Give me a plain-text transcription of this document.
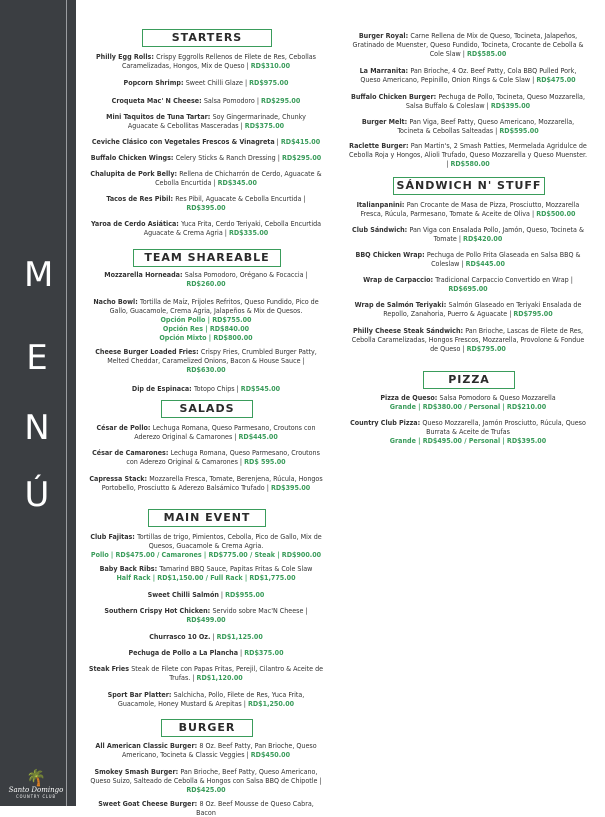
M
E
N
Ú
🌴
Santo Domingo
COUNTRY CLUB
STARTERS
Philly Egg Rolls: Crispy Eggrolls Rellenos de Filete de Res, Cebollas Caramelizadas, Hongos, Mix de Queso | RD$310.00
Popcorn Shrimp: Sweet Chilli Glaze | RD$975.00
Croqueta Mac' N Cheese: Salsa Pomodoro | RD$295.00
Mini Taquitos de Tuna Tartar: Soy Gingermarinade, Chunky Aguacate & Cebollitas Masceradas | RD$375.00
Ceviche Clásico con Vegetales Frescos & Vinagreta | RD$415.00
Buffalo Chicken Wings: Celery Sticks & Ranch Dressing | RD$295.00
Chalupita de Pork Belly: Rellena de Chicharrón de Cerdo, Aguacate & Cebolla Encurtida | RD$345.00
Tacos de Res Pibil: Res Pibil, Aguacate & Cebolla Encurtida | RD$395.00
Yaroa de Cerdo Asiática: Yuca Frita, Cerdo Teriyaki, Cebolla Encurtida Aguacate & Crema Agria | RD$335.00
TEAM SHAREABLE
Mozzarella Horneada: Salsa Pomodoro, Orégano & Focaccia | RD$260.00
Nacho Bowl: Tortilla de Maíz, Frijoles Refritos, Queso Fundido, Pico de Gallo, Guacamole, Crema Agria, Jalapeños & Mix de Quesos.
Opción Pollo | RD$755.00
Opción Res | RD$840.00
Opción Mixto | RD$800.00
Cheese Burger Loaded Fries: Crispy Fries, Crumbled Burger Patty, Melted Cheddar, Caramelized Onions, Bacon & House Sauce | RD$630.00
Dip de Espinaca: Totopo Chips | RD$545.00
SALADS
César de Pollo: Lechuga Romana, Queso Parmesano, Croutons con Aderezo Original & Camarones | RD$445.00
César de Camarones: Lechuga Romana, Queso Parmesano, Croutons con Aderezo Original & Camarones | RD$ 595.00
Capressa Stack: Mozzarella Fresca, Tomate, Berenjena, Rúcula, Hongos Portobello, Prosciutto & Aderezo Balsámico Trufado | RD$395.00
MAIN EVENT
Club Fajitas: Tortillas de trigo, Pimientos, Cebolla, Pico de Gallo, Mix de Quesos, Guacamole & Crema Agria.
Pollo | RD$475.00 / Camarones | RD$775.00 / Steak | RD$900.00
Baby Back Ribs: Tamarind BBQ Sauce, Papitas Fritas & Cole Slaw
Half Rack | RD$1,150.00 / Full Rack | RD$1,775.00
Sweet Chilli Salmón | RD$955.00
Southern Crispy Hot Chicken: Servido sobre Mac'N Cheese | RD$499.00
Churrasco 10 Oz. | RD$1,125.00
Pechuga de Pollo a La Plancha | RD$375.00
Steak Fries Steak de Filete con Papas Fritas, Perejil, Cilantro & Aceite de Trufas. | RD$1,120.00
Sport Bar Platter: Salchicha, Pollo, Filete de Res, Yuca Frita, Guacamole, Honey Mustard & Arepitas | RD$1,250.00
BURGER
All American Classic Burger: 8 Oz. Beef Patty, Pan Brioche, Queso Americano, Tocineta & Classic Veggies | RD$450.00
Smokey Smash Burger: Pan Brioche, Beef Patty, Queso Americano, Queso Suizo, Salteado de Cebolla & Hongos con Salsa BBQ de Chipotle | RD$425.00
Sweet Goat Cheese Burger: 8 Oz. Beef Mousse de Queso Cabra, Bacon
Burger Royal: Carne Rellena de Mix de Queso, Tocineta, Jalapeños, Gratinado de Muenster, Queso Fundido, Tocineta, Crocante de Cebolla & Cole Slaw | RD$585.00
La Marranita: Pan Brioche, 4 Oz. Beef Patty, Cola BBQ Pulled Pork, Queso Americano, Pepinillo, Onion Rings & Cole Slaw | RD$475.00
Buffalo Chicken Burger: Pechuga de Pollo, Tocineta, Queso Mozzarella, Salsa Buffalo & Coleslaw | RD$395.00
Burger Melt: Pan Viga, Beef Patty, Queso Americano, Mozzarella, Tocineta & Cebollas Salteadas | RD$595.00
Raclette Burger: Pan Martin's, 2 Smash Patties, Mermelada Agridulce de Cebolla Roja y Hongos, Alioli Trufado, Queso Mozzarella y Queso Muenster. | RD$580.00
SÁNDWICH N' STUFF
Italianpanini: Pan Crocante de Masa de Pizza, Prosciutto, Mozzarella Fresca, Rúcula, Parmesano, Tomate & Aceite de Oliva | RD$500.00
Club Sándwich: Pan Viga con Ensalada Pollo, Jamón, Queso, Tocineta & Tomate | RD$420.00
BBQ Chicken Wrap: Pechuga de Pollo Frita Glaseada en Salsa BBQ & Coleslaw | RD$445.00
Wrap de Carpaccio: Tradicional Carpaccio Convertido en Wrap | RD$695.00
Wrap de Salmón Teriyaki: Salmón Glaseado en Teriyaki Ensalada de Repollo, Zanahoria, Puerro & Aguacate | RD$795.00
Philly Cheese Steak Sándwich: Pan Brioche, Lascas de Filete de Res, Cebolla Caramelizadas, Hongos Frescos, Mozzarella, Provolone & Fondue de Queso | RD$795.00
PIZZA
Pizza de Queso: Salsa Pomodoro & Queso Mozzarella
Grande | RD$380.00 / Personal | RD$210.00
Country Club Pizza: Queso Mozzarella, Jamón Prosciutto, Rúcula, Queso Burrata & Aceite de Trufas
Grande | RD$495.00 / Personal | RD$395.00
